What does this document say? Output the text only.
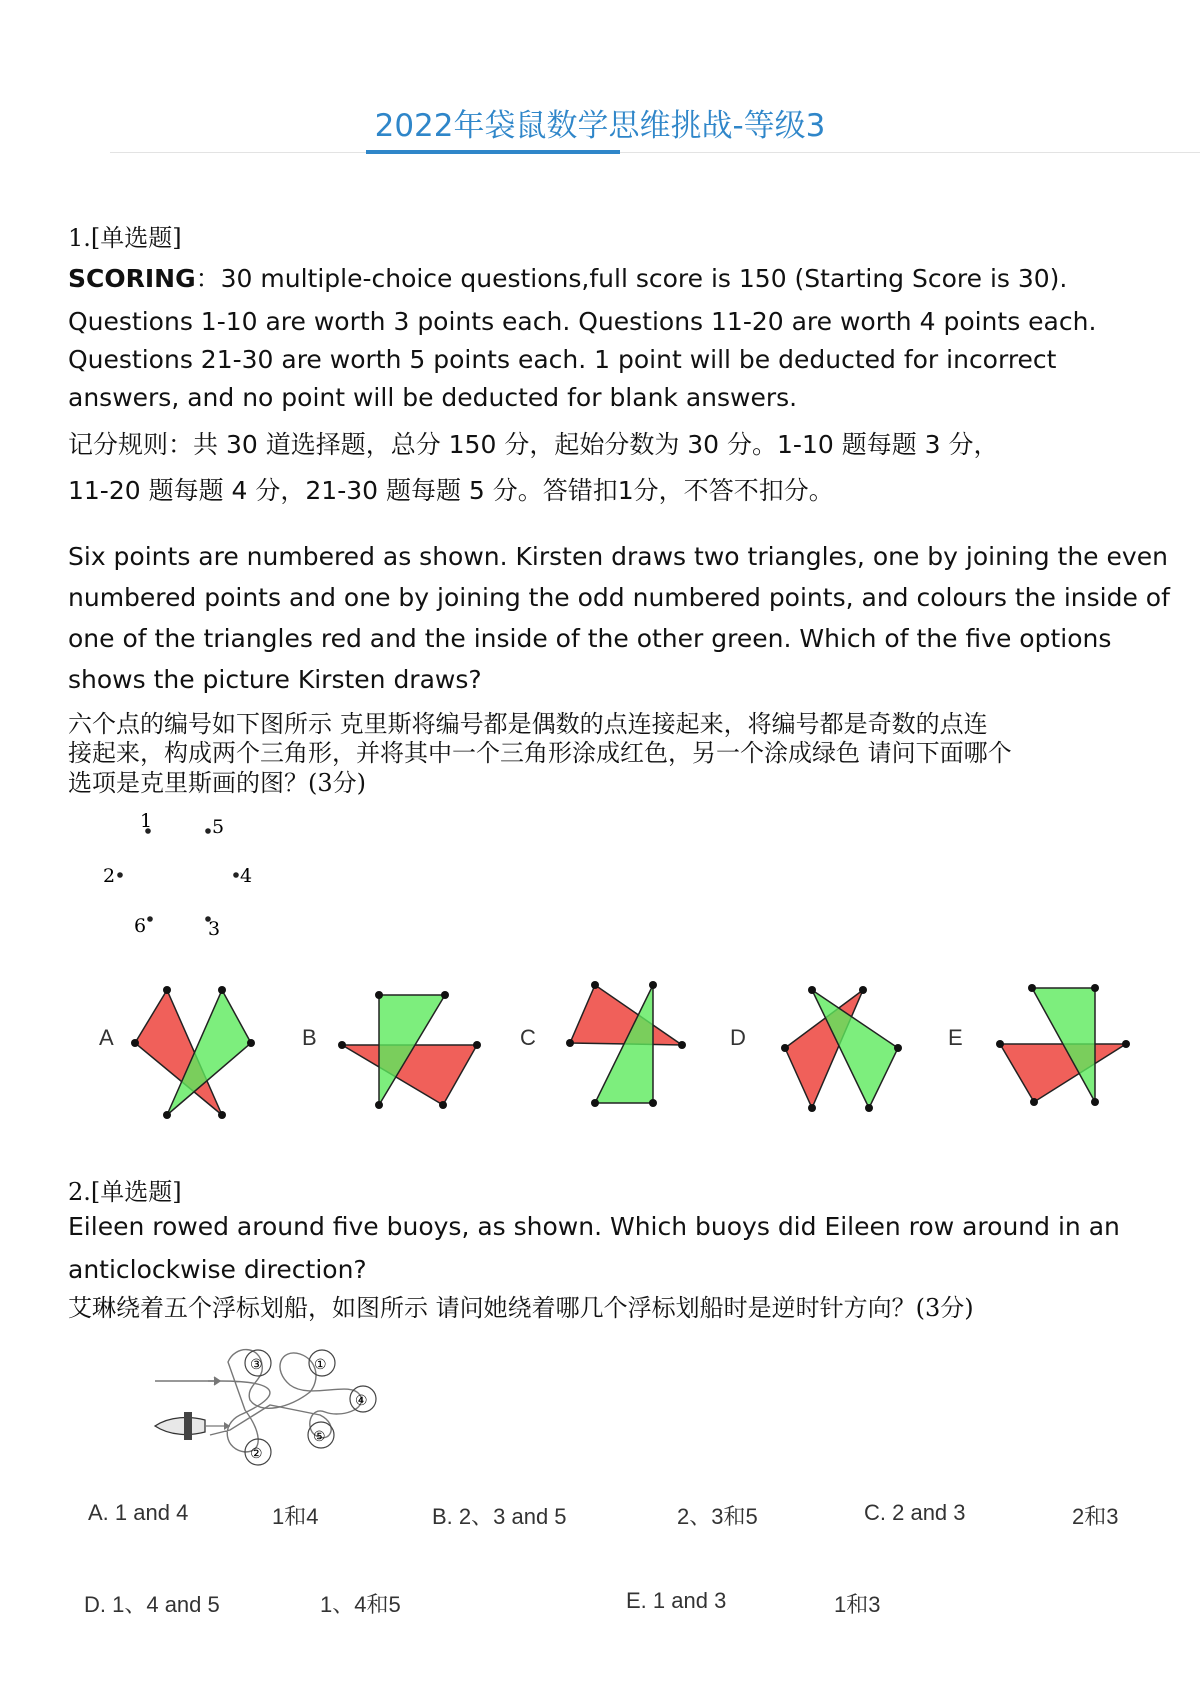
2022年袋鼠数学思维挑战-等级3
1.[单选题]
SCORING：30 multiple-choice questions,full score is 150 (Starting Score is 30).
Questions 1-10 are worth 3 points each. Questions 11-20 are worth 4 points each.
Questions 21-30 are worth 5 points each. 1 point will be deducted for incorrect
answers, and no point will be deducted for blank answers.
记分规则：共 30 道选择题，总分 150 分，起始分数为 30 分。1-10 题每题 3 分，
11-20 题每题 4 分，21-30 题每题 5 分。答错扣1分，不答不扣分。
Six points are numbered as shown. Kirsten draws two triangles, one by joining the even
numbered points and one by joining the odd numbered points, and colours the inside of
one of the triangles red and the inside of the other green. Which of the five options
shows the picture Kirsten draws?
六个点的编号如下图所示 克里斯将编号都是偶数的点连接起来，将编号都是奇数的点连
接起来，构成两个三角形，并将其中一个三角形涂成红色，另一个涂成绿色 请问下面哪个
选项是克里斯画的图？(3分)
1	5
2	4
6	3
A	B	C	D	E
2.[单选题]
Eileen rowed around five buoys, as shown. Which buoys did Eileen row around in an
anticlockwise direction?
艾琳绕着五个浮标划船，如图所示 请问她绕着哪几个浮标划船时是逆时针方向？(3分)
③	①
④
⑤
②
A. 1 and 4	1和4	B. 2、3 and 5	2、3和5	C. 2 and 3	2和3
D. 1、4 and 5	1、4和5	E. 1 and 3	1和3
